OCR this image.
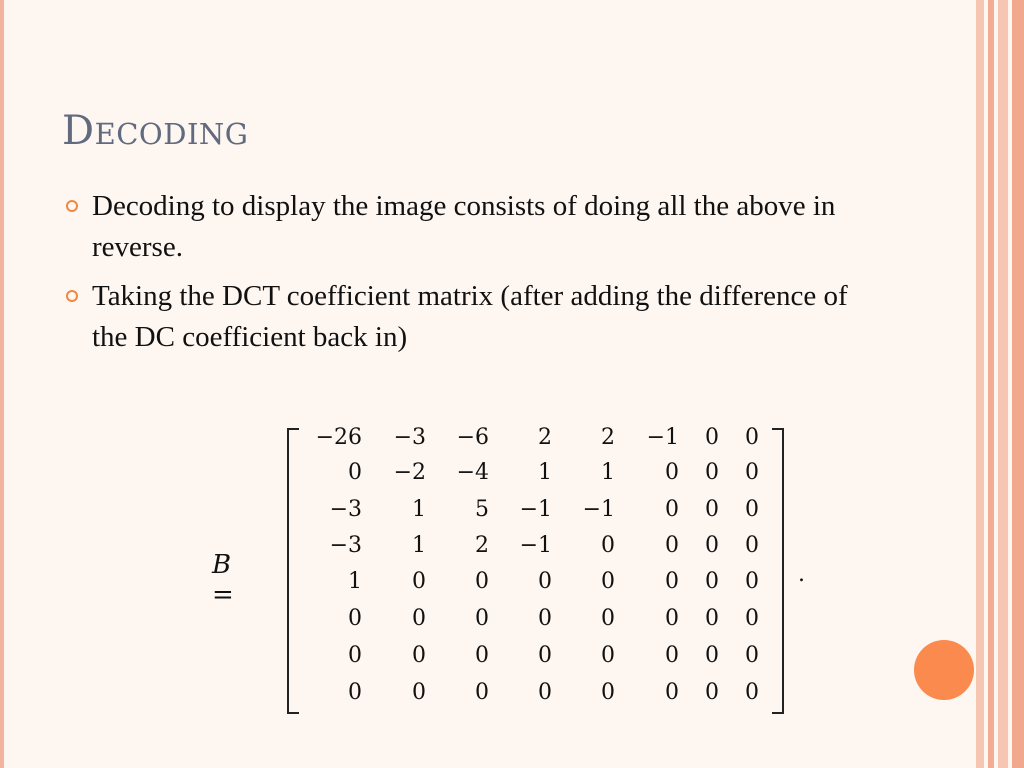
DECODING
Decoding to display the image consists of doing all the above in reverse.
Taking the DCT coefficient matrix (after adding the difference of the DC coefficient back in)
B =
.
−26	−3	−6	2	2	−1	0	0
0	−2	−4	1	1	0	0	0
−3	1	5	−1	−1	0	0	0
−3	1	2	−1	0	0	0	0
1	0	0	0	0	0	0	0
0	0	0	0	0	0	0	0
0	0	0	0	0	0	0	0
0	0	0	0	0	0	0	0
